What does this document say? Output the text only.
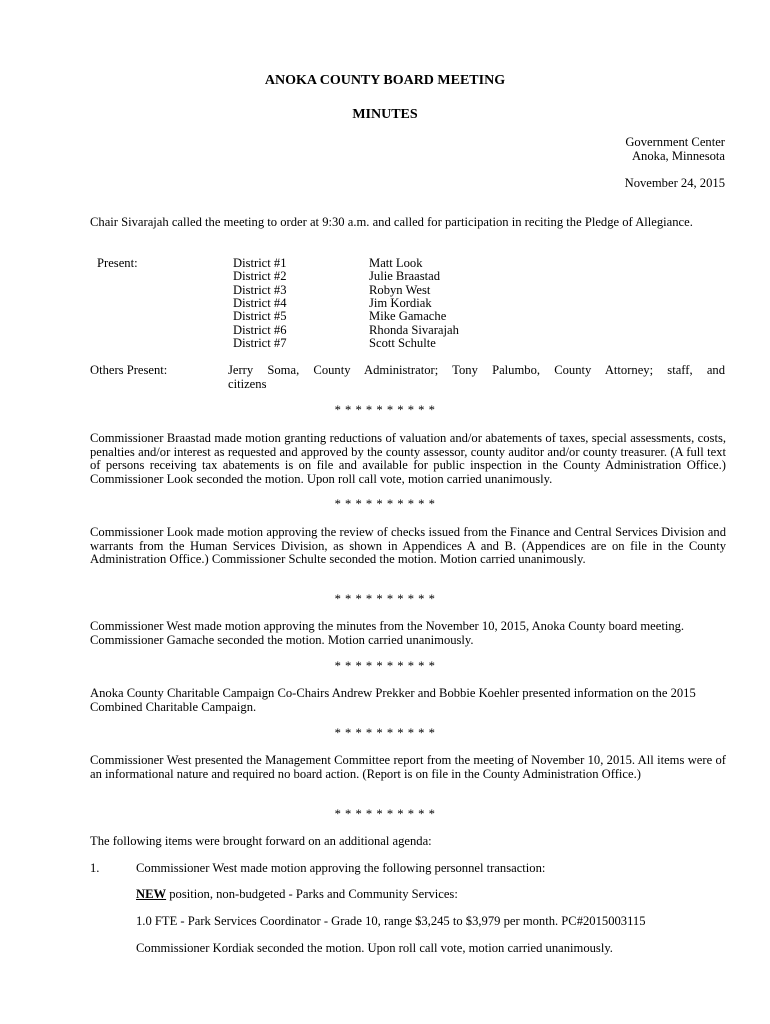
ANOKA COUNTY BOARD MEETING
MINUTES
Government Center
Anoka, Minnesota
November 24, 2015
Chair Sivarajah called the meeting to order at 9:30 a.m. and called for participation in reciting the Pledge of Allegiance.
Present:	District #1	Matt Look
District #2	Julie Braastad
District #3	Robyn West
District #4	Jim Kordiak
District #5	Mike Gamache
District #6	Rhonda Sivarajah
District #7	Scott Schulte
Others Present:	Jerry Soma, County Administrator; Tony Palumbo, County Attorney; staff, and
citizens
* * * * * * * * * *
Commissioner Braastad made motion granting reductions of valuation and/or abatements of taxes, special assessments, costs, penalties and/or interest as requested and approved by the county assessor, county auditor and/or county treasurer. (A full text of persons receiving tax abatements is on file and available for public inspection in the County Administration Office.) Commissioner Look seconded the motion. Upon roll call vote, motion carried unanimously.
* * * * * * * * * *
Commissioner Look made motion approving the review of checks issued from the Finance and Central Services Division and warrants from the Human Services Division, as shown in Appendices A and B. (Appendices are on file in the County Administration Office.) Commissioner Schulte seconded the motion. Motion carried unanimously.
* * * * * * * * * *
Commissioner West made motion approving the minutes from the November 10, 2015, Anoka County board meeting. Commissioner Gamache seconded the motion. Motion carried unanimously.
* * * * * * * * * *
Anoka County Charitable Campaign Co-Chairs Andrew Prekker and Bobbie Koehler presented information on the 2015 Combined Charitable Campaign.
* * * * * * * * * *
Commissioner West presented the Management Committee report from the meeting of November 10, 2015. All items were of an informational nature and required no board action. (Report is on file in the County Administration Office.)
* * * * * * * * * *
The following items were brought forward on an additional agenda:
1.	Commissioner West made motion approving the following personnel transaction:
NEW position, non-budgeted - Parks and Community Services:
1.0 FTE - Park Services Coordinator - Grade 10, range $3,245 to $3,979 per month. PC#2015003115
Commissioner Kordiak seconded the motion. Upon roll call vote, motion carried unanimously.
